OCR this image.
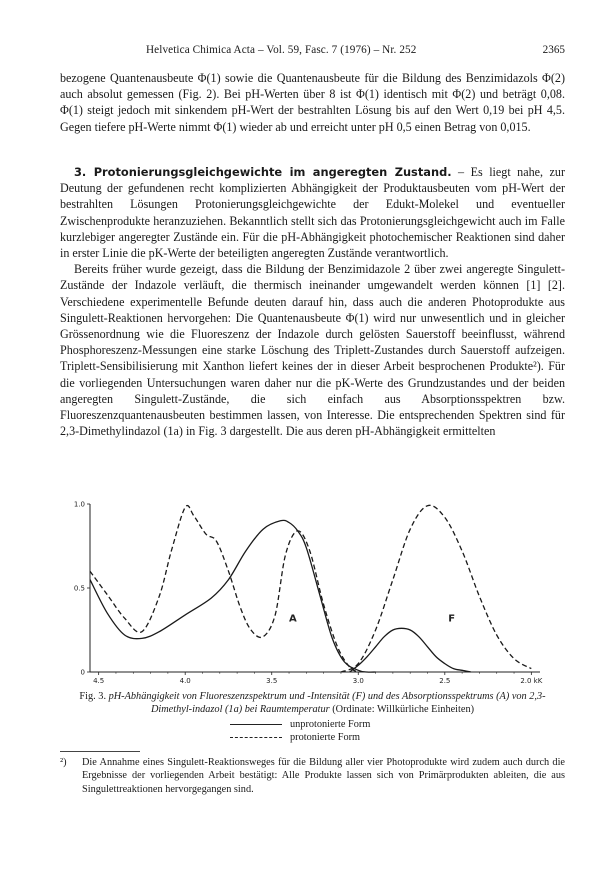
Helvetica Chimica Acta – Vol. 59, Fasc. 7 (1976) – Nr. 252	2365

bezogene Quantenausbeute Φ(1) sowie die Quantenausbeute für die Bildung des Benzimidazols Φ(2) auch absolut gemessen (Fig. 2). Bei pH-Werten über 8 ist Φ(1) identisch mit Φ(2) und beträgt 0,08. Φ(1) steigt jedoch mit sinkendem pH-Wert der bestrahlten Lösung bis auf den Wert 0,19 bei pH 4,5. Gegen tiefere pH-Werte nimmt Φ(1) wieder ab und erreicht unter pH 0,5 einen Betrag von 0,015.

3. Protonierungsgleichgewichte im angeregten Zustand. – Es liegt nahe, zur Deutung der gefundenen recht komplizierten Abhängigkeit der Produktausbeuten vom pH-Wert der bestrahlten Lösungen Protonierungsgleichgewichte der Edukt-Molekel und eventueller Zwischenprodukte heranzuziehen. Bekanntlich stellt sich das Protonierungsgleichgewicht auch im Falle kurzlebiger angeregter Zustände ein. Für die pH-Abhängigkeit photochemischer Reaktionen sind daher in erster Linie die pK-Werte der beteiligten angeregten Zustände verantwortlich.

Bereits früher wurde gezeigt, dass die Bildung der Benzimidazole 2 über zwei angeregte Singulett-Zustände der Indazole verläuft, die thermisch ineinander umgewandelt werden können [1] [2]. Verschiedene experimentelle Befunde deuten darauf hin, dass auch die anderen Photoprodukte aus Singulett-Reaktionen hervorgehen: Die Quantenausbeute Φ(1) wird nur unwesentlich und in gleicher Grössenordnung wie die Fluoreszenz der Indazole durch gelösten Sauerstoff beeinflusst, während Phosphoreszenz-Messungen eine starke Löschung des Triplett-Zustandes durch Sauerstoff aufzeigen. Triplett-Sensibilisierung mit Xanthon liefert keines der in dieser Arbeit besprochenen Produkte²). Für die vorliegenden Untersuchungen waren daher nur die pK-Werte des Grundzustandes und der beiden angeregten Singulett-Zustände, die sich einfach aus Absorptionsspektren bzw. Fluoreszenzquantenausbeuten bestimmen lassen, von Interesse. Die entsprechenden Spektren sind für 2,3-Dimethylindazol (1a) in Fig. 3 dargestellt. Die aus deren pH-Abhängigkeit ermittelten

4.5	4.0	3.5	3.0	2.5	2.0 kK
0
0.5
1.0
A	F
Fig. 3. pH-Abhängigkeit von Fluoreszenzspektrum und -Intensität (F) und des Absorptionsspektrums (A) von 2,3-Dimethyl-indazol (1a) bei Raumtemperatur (Ordinate: Willkürliche Einheiten)
unprotonierte Form
protonierte Form
²) Die Annahme eines Singulett-Reaktionsweges für die Bildung aller vier Photoprodukte wird zudem auch durch die Ergebnisse der vorliegenden Arbeit bestätigt: Alle Produkte lassen sich von Primärprodukten ableiten, die aus Singulettreaktionen hervorgegangen sind.
